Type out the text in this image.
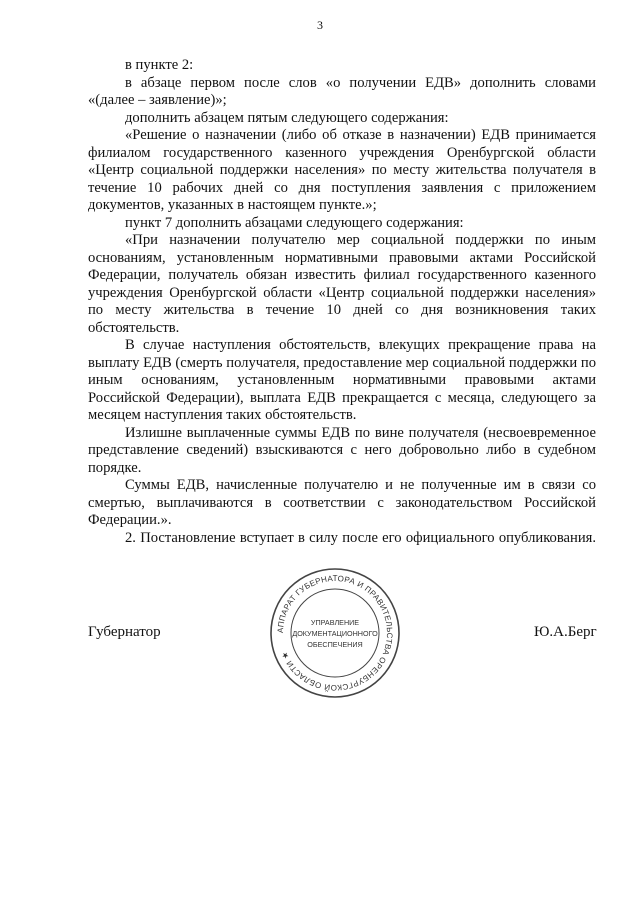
3

в пункте 2:

в абзаце первом после слов «о получении ЕДВ» дополнить словами «(далее – заявление)»;

дополнить абзацем пятым следующего содержания:

«Решение о назначении (либо об отказе в назначении) ЕДВ принимается филиалом государственного казенного учреждения Оренбургской области «Центр социальной поддержки населения» по месту жительства получателя в течение 10 рабочих дней со дня поступления заявления с приложением документов, указанных в настоящем пункте.»;

пункт 7 дополнить абзацами следующего содержания:

«При назначении получателю мер социальной поддержки по иным основаниям, установленным нормативными правовыми актами Российской Федерации, получатель обязан известить филиал государственного казенного учреждения Оренбургской области «Центр социальной поддержки населения» по месту жительства в течение 10 дней со дня возникновения таких обстоятельств.

В случае наступления обстоятельств, влекущих прекращение права на выплату ЕДВ (смерть получателя, предоставление мер социальной поддержки по иным основаниям, установленным нормативными правовыми актами Российской Федерации), выплата ЕДВ прекращается с месяца, следующего за месяцем наступления таких обстоятельств.

Излишне выплаченные суммы ЕДВ по вине получателя (несвоевременное представление сведений) взыскиваются с него добровольно либо в судебном порядке.

Суммы ЕДВ, начисленные получателю и не полученные им в связи со смертью, выплачиваются в соответствии с законодательством Российской Федерации.».

2. Постановление вступает в силу после его официального опубликования.

АППАРАТ ГУБЕРНАТОРА И ПРАВИТЕЛЬСТВА ОРЕНБУРГСКОЙ ОБЛАСТИ ★
УПРАВЛЕНИЕ
ДОКУМЕНТАЦИОННОГО
ОБЕСПЕЧЕНИЯ
Губернатор	Ю.А.Берг
